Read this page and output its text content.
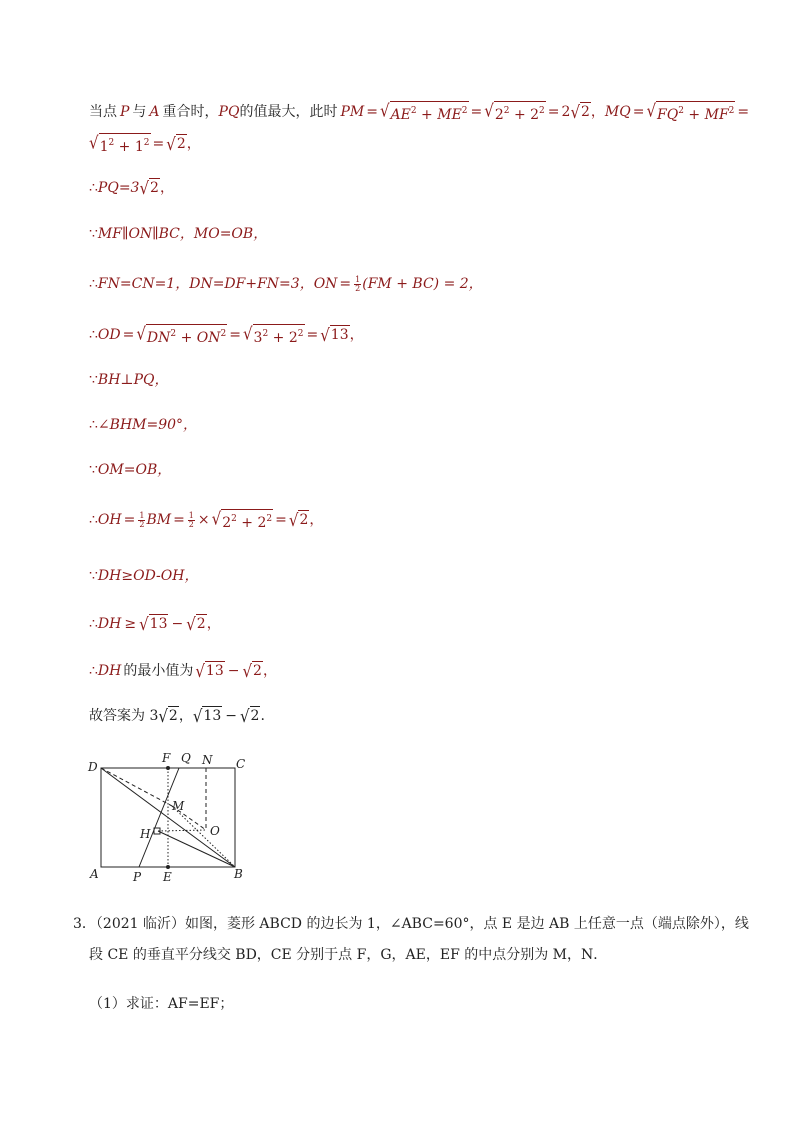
当点 P 与 A 重合时， PQ 的值最大，此时 PM = √ $AE^2 + ME^2$ = √ $2^2 + 2^2 = 2$ √ 2 ， MQ = √ $FQ^2 + MF^2$ =
√ $1^2 + 1^2$ = √ 2 ，
∴ PQ=3 √ 2 ，
∵ MF∥ON∥BC，MO=OB，
∴ FN=CN=1，DN=DF+FN=3，ON = $\frac{1}{2} (FM + BC) = 2$，
∴ OD = √ $DN^2 + ON^2$ = √ $3^2 + 2^2$ = √ 13 ，
∵ BH⊥PQ，
∴ ∠BHM=90°，
∵ OM=OB，
∴ OH = $\frac{1}{2}$ BM = $\frac{1}{2}$ × √ $2^2 + 2^2$ = √ 2 ，
∵ DH≥OD-OH，
∴ DH ≥ √ 13 − √ 2 ，
∴ DH 的最小值为 √ 13 − √ 2 ，
故答案为 3 √ 2 ， √ 13 − √ 2 .
D
F Q N C
M
H	O
A	P E	B
3．（2021 临沂）如图，菱形 ABCD 的边长为 1，∠ABC=60°，点 E 是边 AB 上任意一点（端点除外），线
段 CE 的垂直平分线交 BD，CE 分别于点 F，G，AE，EF 的中点分别为 M，N．
（1）求证：AF=EF；
